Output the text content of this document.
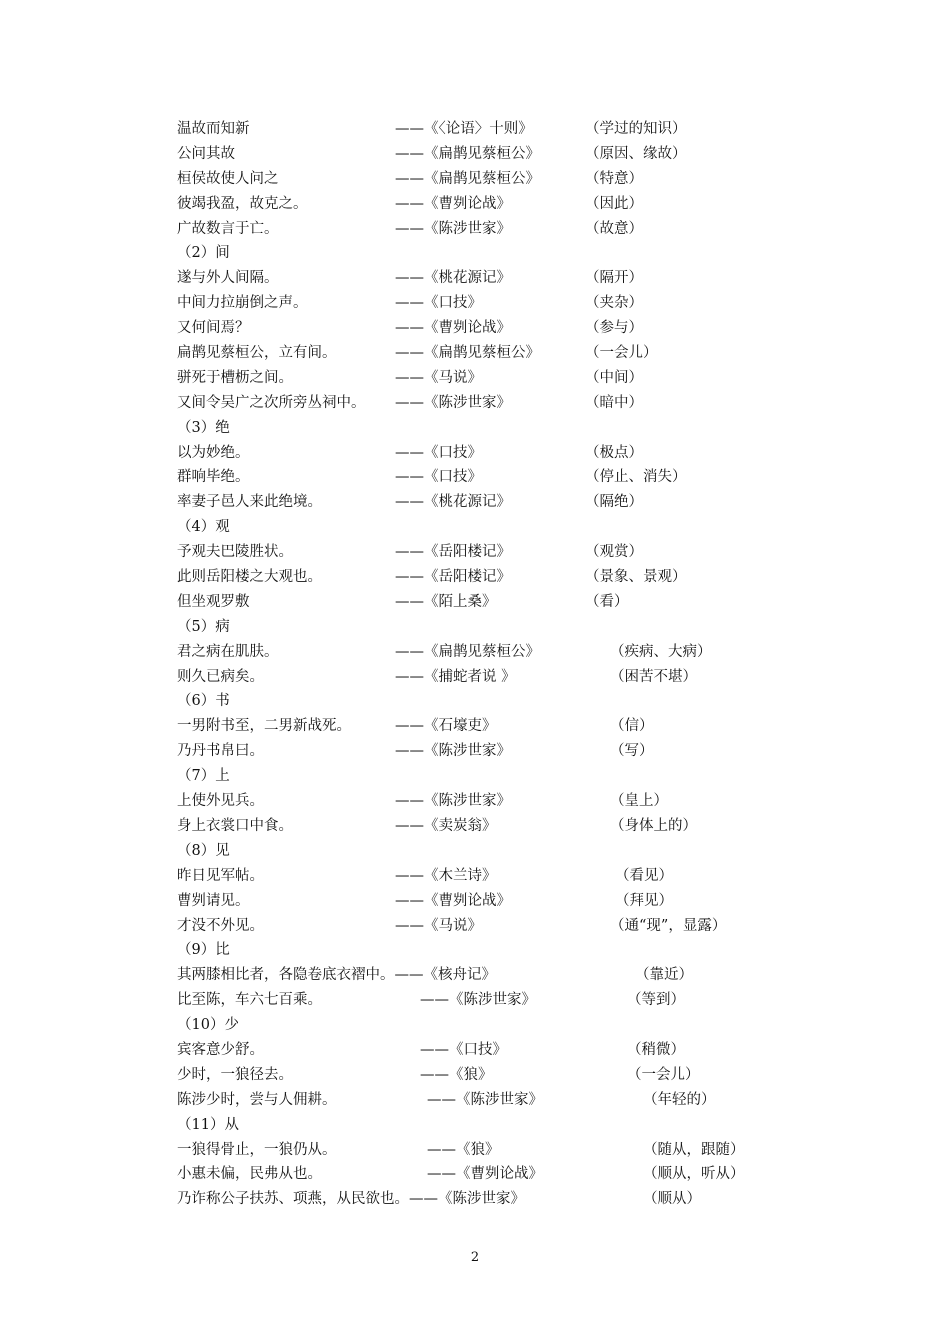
温故而知新	——《〈论语〉十则》	（学过的知识）
公问其故	——《扁鹊见蔡桓公》	（原因、缘故）
桓侯故使人问之	——《扁鹊见蔡桓公》	（特意）
彼竭我盈，故克之。	——《曹刿论战》	（因此）
广故数言于亡。	——《陈涉世家》	（故意）
（2）间
遂与外人间隔。	——《桃花源记》	（隔开）
中间力拉崩倒之声。	——《口技》	（夹杂）
又何间焉？	——《曹刿论战》	（参与）
扁鹊见蔡桓公，立有间。	——《扁鹊见蔡桓公》	（一会儿）
骈死于槽枥之间。	——《马说》	（中间）
又间令吴广之次所旁丛祠中。 ——《陈涉世家》	（暗中）
（3）绝
以为妙绝。	——《口技》	（极点）
群响毕绝。	——《口技》	（停止、消失）
率妻子邑人来此绝境。	——《桃花源记》	（隔绝）
（4）观
予观夫巴陵胜状。	——《岳阳楼记》	（观赏）
此则岳阳楼之大观也。	——《岳阳楼记》	（景象、景观）
但坐观罗敷	——《陌上桑》	（看）
（5）病
君之病在肌肤。	——《扁鹊见蔡桓公》	（疾病、大病）
则久已病矣。	——《捕蛇者说 》	（困苦不堪）
（6）书
一男附书至，二男新战死。	——《石壕吏》	（信）
乃丹书帛曰。	——《陈涉世家》	（写）
（7）上
上使外见兵。	——《陈涉世家》	（皇上）
身上衣裳口中食。	——《卖炭翁》	（身体上的）
（8）见
昨日见军帖。	——《木兰诗》	（看见）
曹刿请见。	——《曹刿论战》	（拜见）
才没不外见。	——《马说》	（通“现”，显露）
（9）比
其两膝相比者，各隐卷底衣褶中。——《核舟记》	（靠近）
比至陈，车六七百乘。	——《陈涉世家》	（等到）
（10）少
宾客意少舒。	——《口技》	（稍微）
少时，一狼径去。	——《狼》	（一会儿）
陈涉少时，尝与人佣耕。	——《陈涉世家》	（年轻的）
（11）从
一狼得骨止，一狼仍从。	——《狼》	（随从，跟随）
小惠未偏，民弗从也。	——《曹刿论战》	（顺从，听从）
乃诈称公子扶苏、项燕，从民欲也。——《陈涉世家》	（顺从）
2
